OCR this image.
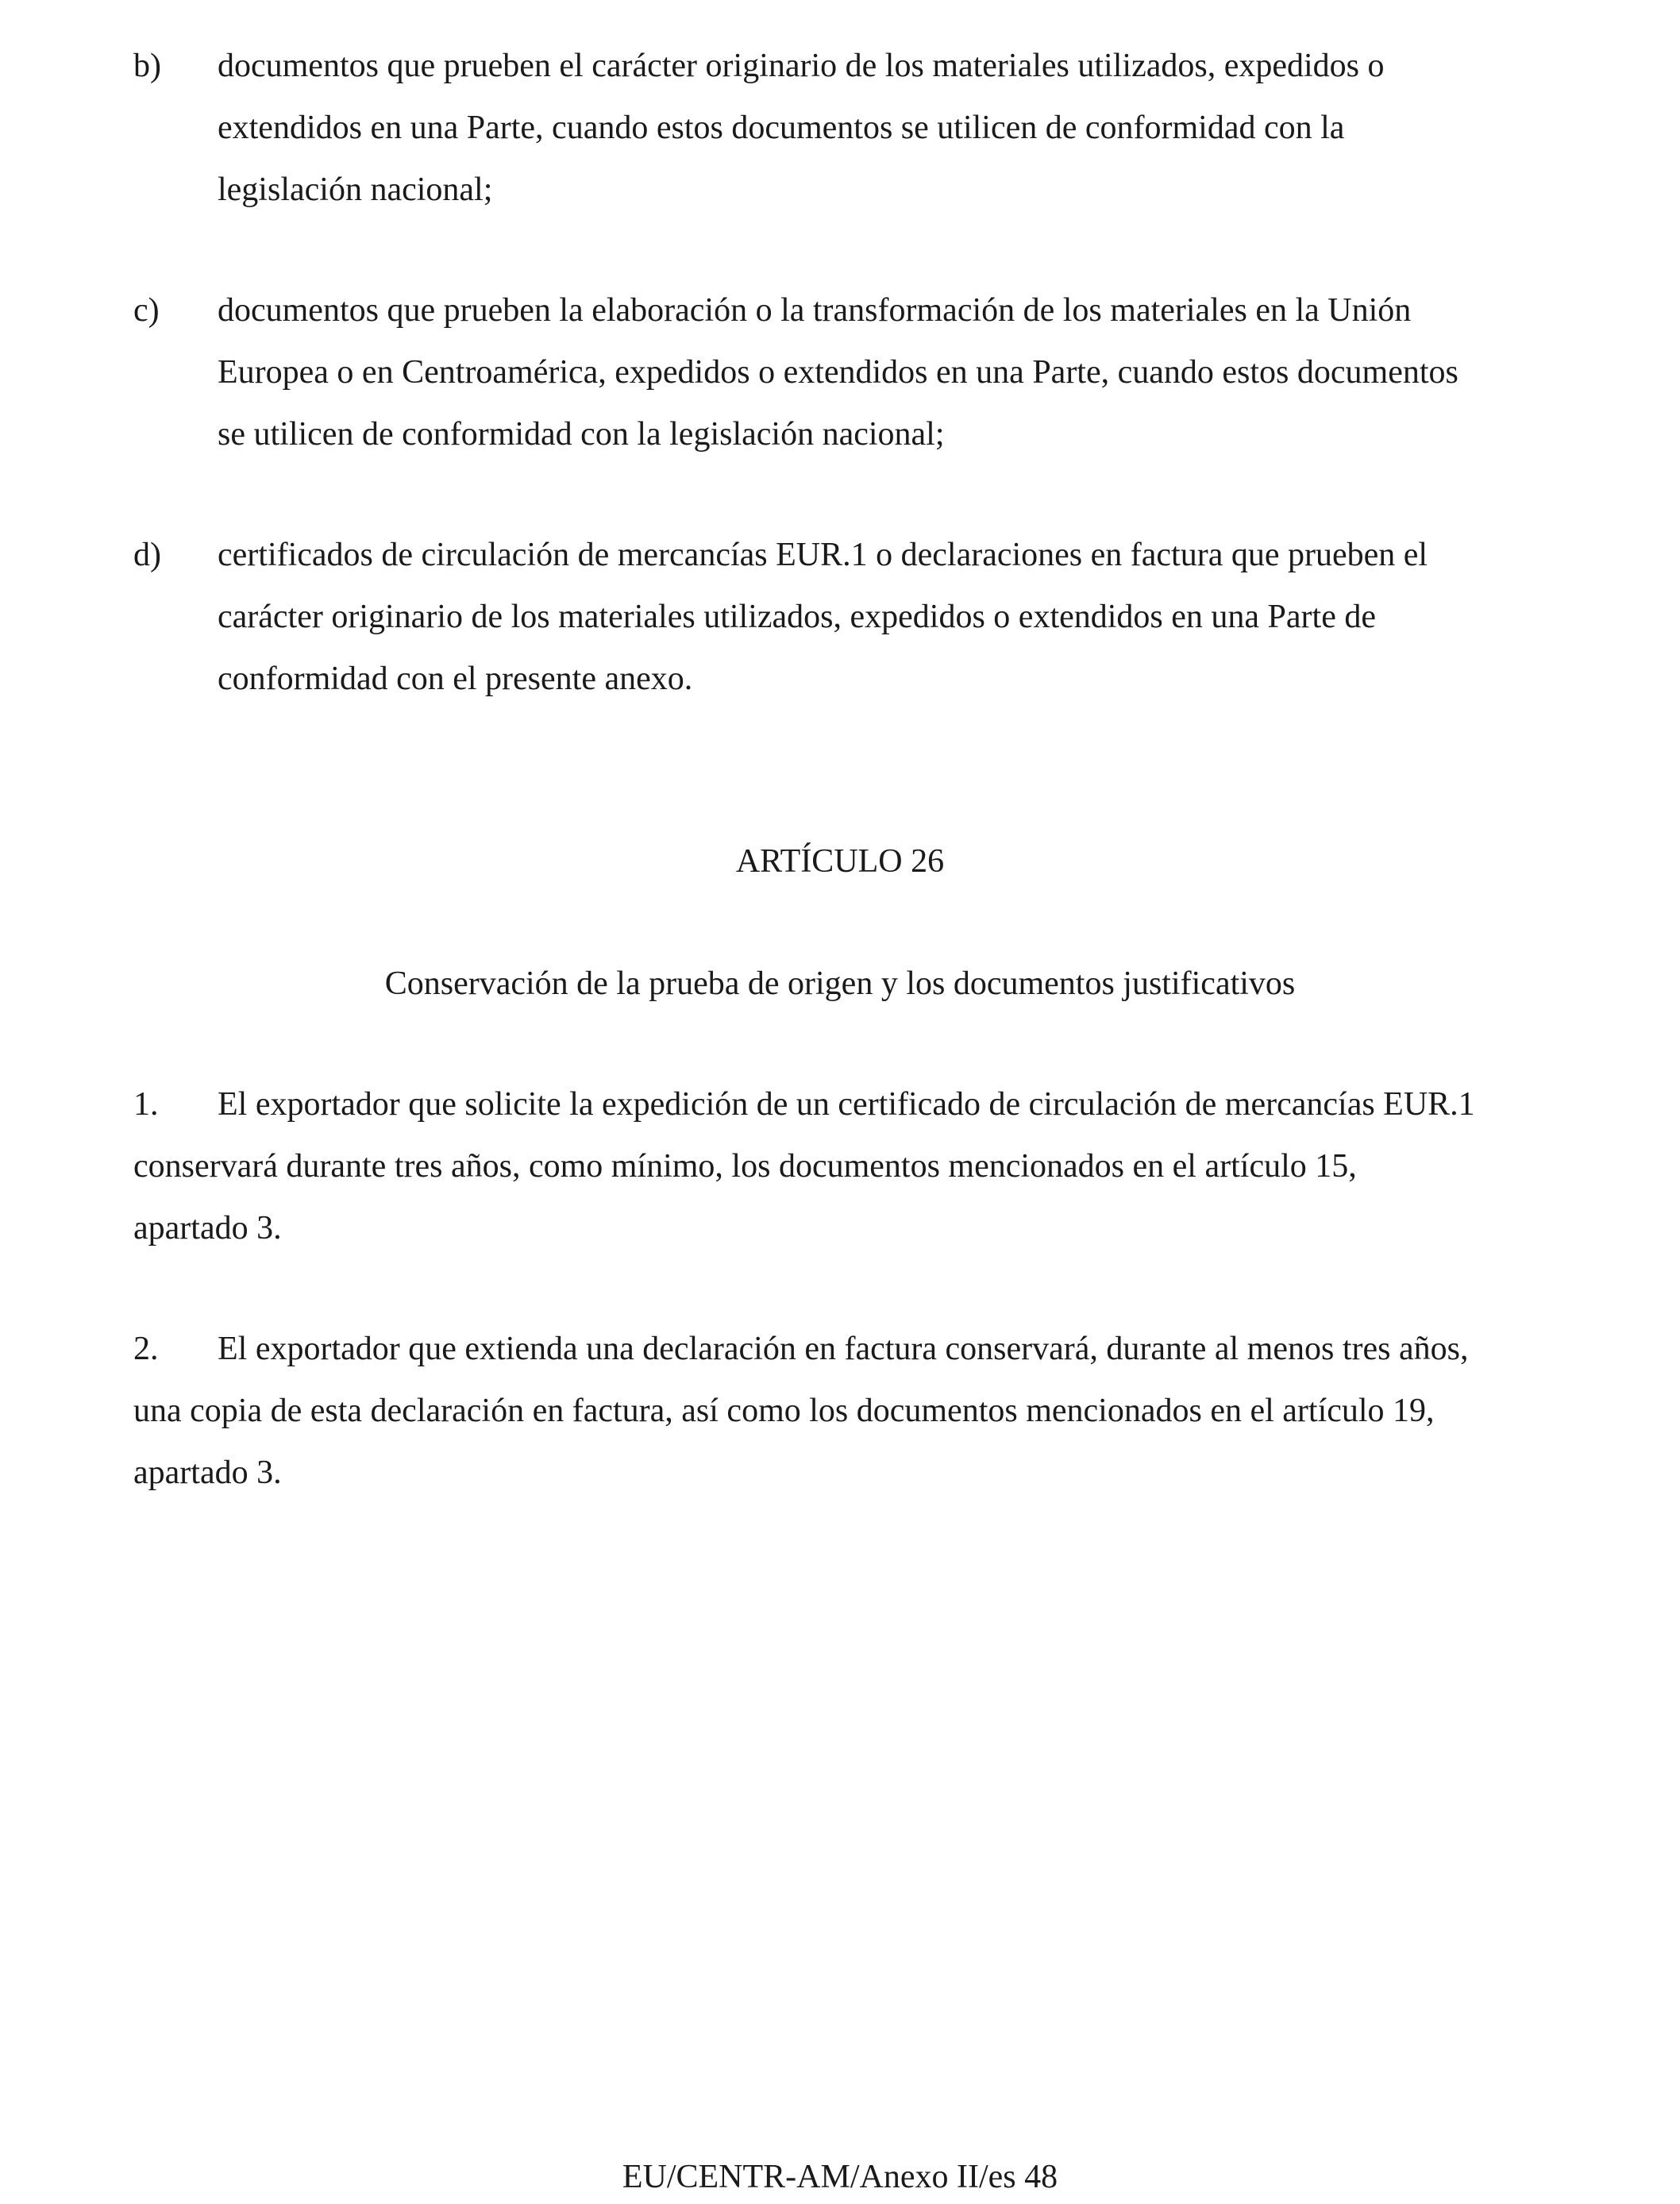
b) documentos que prueben el carácter originario de los materiales utilizados, expedidos o
extendidos en una Parte, cuando estos documentos se utilicen de conformidad con la
legislación nacional;
c) documentos que prueben la elaboración o la transformación de los materiales en la Unión
Europea o en Centroamérica, expedidos o extendidos en una Parte, cuando estos documentos
se utilicen de conformidad con la legislación nacional;
d) certificados de circulación de mercancías EUR.1 o declaraciones en factura que prueben el
carácter originario de los materiales utilizados, expedidos o extendidos en una Parte de
conformidad con el presente anexo.
ARTÍCULO 26
Conservación de la prueba de origen y los documentos justificativos
1. El exportador que solicite la expedición de un certificado de circulación de mercancías EUR.1
conservará durante tres años, como mínimo, los documentos mencionados en el artículo 15,
apartado 3.
2. El exportador que extienda una declaración en factura conservará, durante al menos tres años,
una copia de esta declaración en factura, así como los documentos mencionados en el artículo 19,
apartado 3.
EU/CENTR-AM/Anexo II/es 48
